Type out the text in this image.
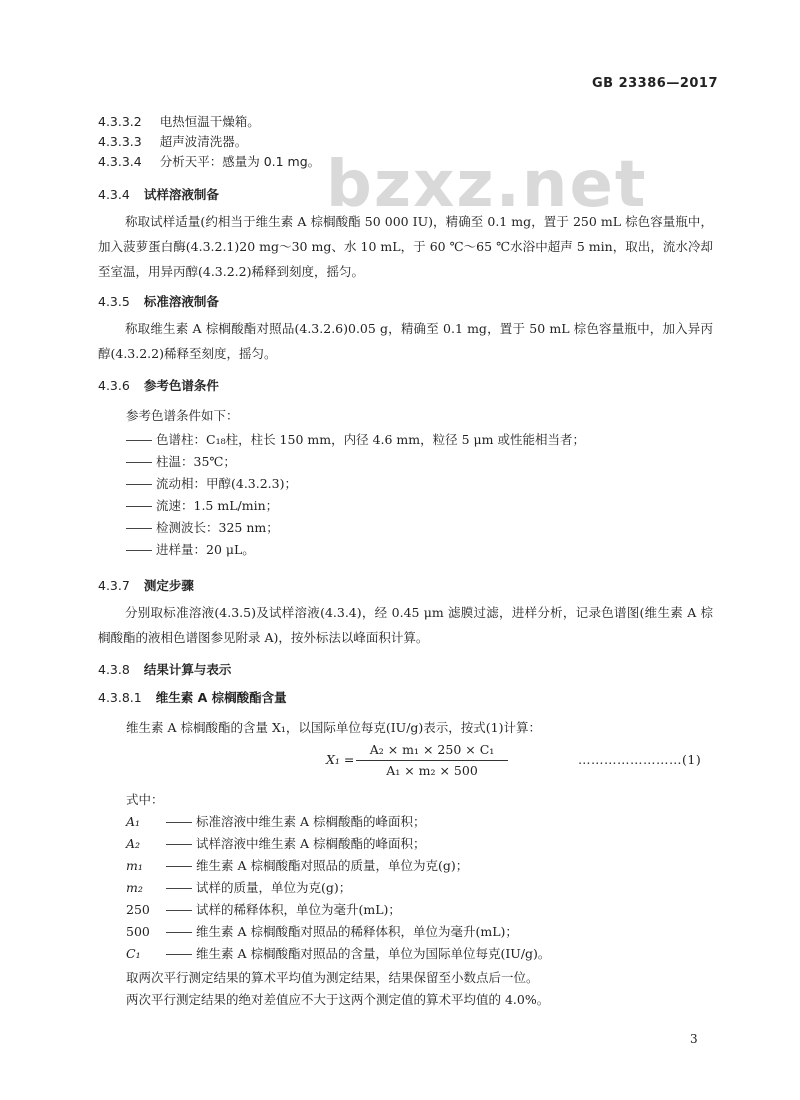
GB 23386—2017
bzxz.net
4.3.3.2 电热恒温干燥箱。
4.3.3.3 超声波清洗器。
4.3.3.4 分析天平：感量为 0.1 mg。
4.3.4 试样溶液制备
称取试样适量(约相当于维生素 A 棕榈酸酯 50 000 IU)，精确至 0.1 mg，置于 250 mL 棕色容量瓶中，加入菠萝蛋白酶(4.3.2.1)20 mg～30 mg、水 10 mL，于 60 ℃～65 ℃水浴中超声 5 min，取出，流水冷却至室温，用异丙醇(4.3.2.2)稀释到刻度，摇匀。
4.3.5 标准溶液制备
称取维生素 A 棕榈酸酯对照品(4.3.2.6)0.05 g，精确至 0.1 mg，置于 50 mL 棕色容量瓶中，加入异丙醇(4.3.2.2)稀释至刻度，摇匀。
4.3.6 参考色谱条件
参考色谱条件如下：
色谱柱：C₁₈柱，柱长 150 mm，内径 4.6 mm，粒径 5 μm 或性能相当者；
柱温：35℃；
流动相：甲醇(4.3.2.3)；
流速：1.5 mL/min；
检测波长：325 nm；
进样量：20 μL。
4.3.7 测定步骤
分别取标准溶液(4.3.5)及试样溶液(4.3.4)，经 0.45 μm 滤膜过滤，进样分析，记录色谱图(维生素 A 棕榈酸酯的液相色谱图参见附录 A)，按外标法以峰面积计算。
4.3.8 结果计算与表示
4.3.8.1 维生素 A 棕榈酸酯含量
维生素 A 棕榈酸酯的含量 X₁，以国际单位每克(IU/g)表示，按式(1)计算：
$X_1 = \frac{\text{A₂ × m₁ × 250 × C₁}}{\text{A₁ × m₂ × 500}}$	……………………(1)
式中：
A₁	标准溶液中维生素 A 棕榈酸酯的峰面积；
A₂	试样溶液中维生素 A 棕榈酸酯的峰面积；
m₁	维生素 A 棕榈酸酯对照品的质量，单位为克(g)；
m₂	试样的质量，单位为克(g)；
250	试样的稀释体积，单位为毫升(mL)；
500	维生素 A 棕榈酸酯对照品的稀释体积，单位为毫升(mL)；
C₁	维生素 A 棕榈酸酯对照品的含量，单位为国际单位每克(IU/g)。
取两次平行测定结果的算术平均值为测定结果，结果保留至小数点后一位。
两次平行测定结果的绝对差值应不大于这两个测定值的算术平均值的 4.0%。
3
